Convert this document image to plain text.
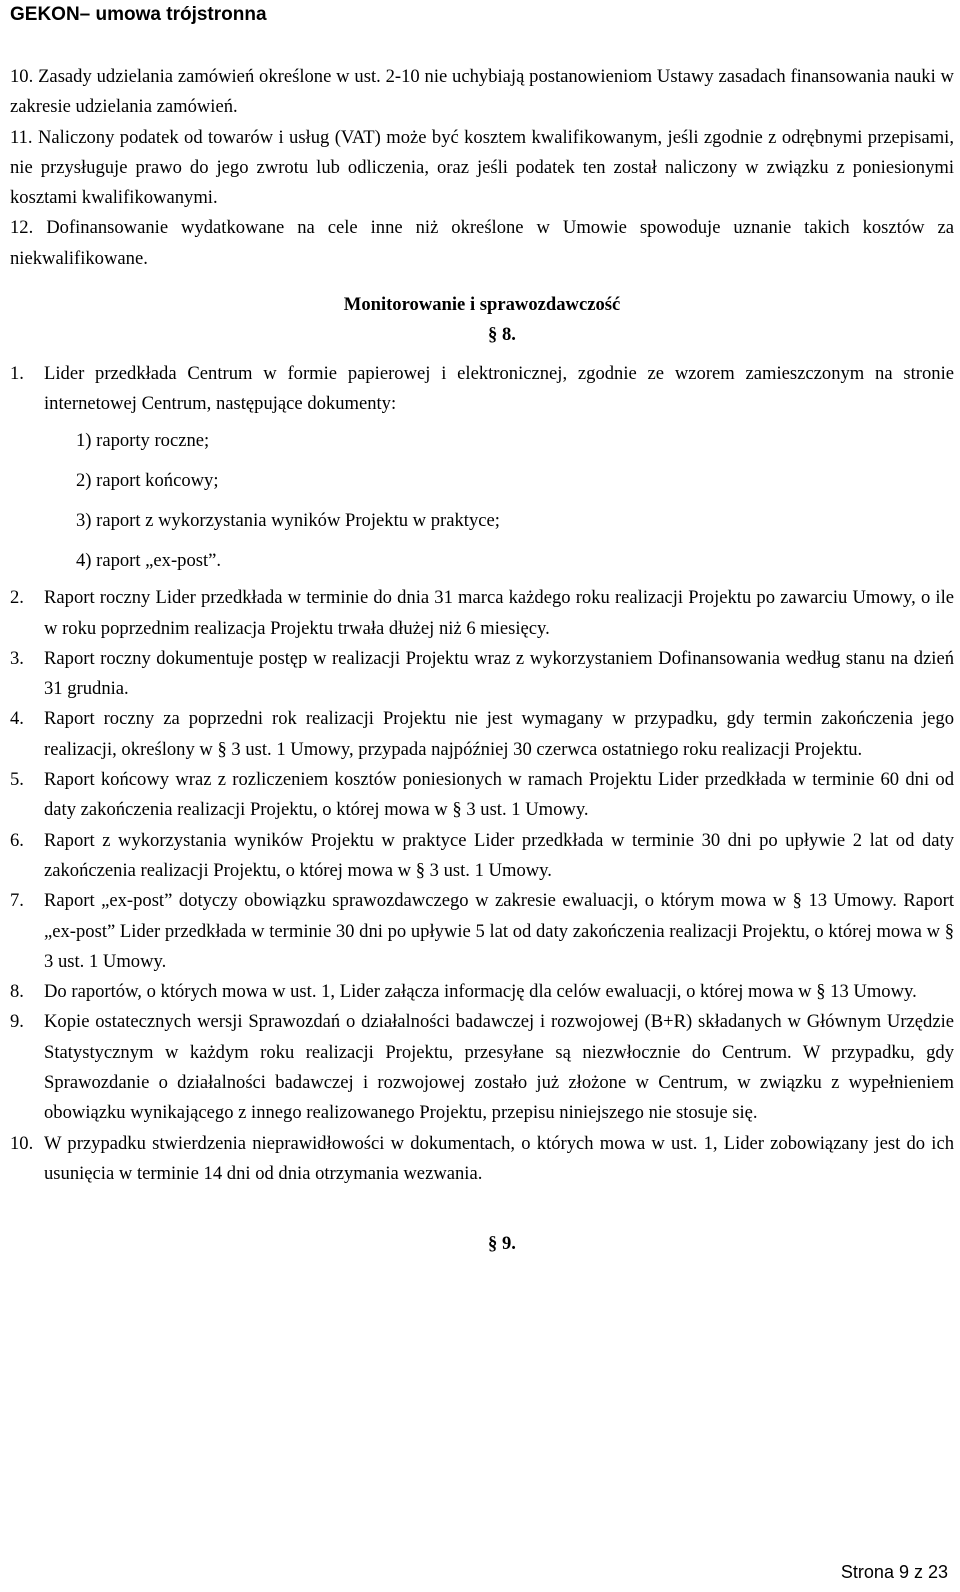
GEKON– umowa trójstronna
10. Zasady udzielania zamówień określone w ust. 2-10 nie uchybiają postanowieniom Ustawy zasadach finansowania nauki w zakresie udzielania zamówień.
11. Naliczony podatek od towarów i usług (VAT) może być kosztem kwalifikowanym, jeśli zgodnie z odrębnymi przepisami, nie przysługuje prawo do jego zwrotu lub odliczenia, oraz jeśli podatek ten został naliczony w związku z poniesionymi kosztami kwalifikowanymi.
12. Dofinansowanie wydatkowane na cele inne niż określone w Umowie spowoduje uznanie takich kosztów za niekwalifikowane.
Monitorowanie i sprawozdawczość
§ 8.
1. Lider przedkłada Centrum w formie papierowej i elektronicznej, zgodnie ze wzorem zamieszczonym na stronie internetowej Centrum, następujące dokumenty:
1) raporty roczne;
2) raport końcowy;
3) raport z wykorzystania wyników Projektu w praktyce;
4) raport „ex-post”.
2. Raport roczny Lider przedkłada w terminie do dnia 31 marca każdego roku realizacji Projektu po zawarciu Umowy, o ile w roku poprzednim realizacja Projektu trwała dłużej niż 6 miesięcy.
3. Raport roczny dokumentuje postęp w realizacji Projektu wraz z wykorzystaniem Dofinansowania według stanu na dzień 31 grudnia.
4. Raport roczny za poprzedni rok realizacji Projektu nie jest wymagany w przypadku, gdy termin zakończenia jego realizacji, określony w § 3 ust. 1 Umowy, przypada najpóźniej 30 czerwca ostatniego roku realizacji Projektu.
5. Raport końcowy wraz z rozliczeniem kosztów poniesionych w ramach Projektu Lider przedkłada w terminie 60 dni od daty zakończenia realizacji Projektu, o której mowa w § 3 ust. 1 Umowy.
6. Raport z wykorzystania wyników Projektu w praktyce Lider przedkłada w terminie 30 dni po upływie 2 lat od daty zakończenia realizacji Projektu, o której mowa w § 3 ust. 1 Umowy.
7. Raport „ex-post” dotyczy obowiązku sprawozdawczego w zakresie ewaluacji, o którym mowa w § 13 Umowy. Raport „ex-post” Lider przedkłada w terminie 30 dni po upływie 5 lat od daty zakończenia realizacji Projektu, o której mowa w § 3 ust. 1 Umowy.
8. Do raportów, o których mowa w ust. 1, Lider załącza informację dla celów ewaluacji, o której mowa w § 13 Umowy.
9. Kopie ostatecznych wersji Sprawozdań o działalności badawczej i rozwojowej (B+R) składanych w Głównym Urzędzie Statystycznym w każdym roku realizacji Projektu, przesyłane są niezwłocznie do Centrum. W przypadku, gdy Sprawozdanie o działalności badawczej i rozwojowej zostało już złożone w Centrum, w związku z wypełnieniem obowiązku wynikającego z innego realizowanego Projektu, przepisu niniejszego nie stosuje się.
10. W przypadku stwierdzenia nieprawidłowości w dokumentach, o których mowa w ust. 1, Lider zobowiązany jest do ich usunięcia w terminie 14 dni od dnia otrzymania wezwania.
§ 9.
Strona 9 z 23
